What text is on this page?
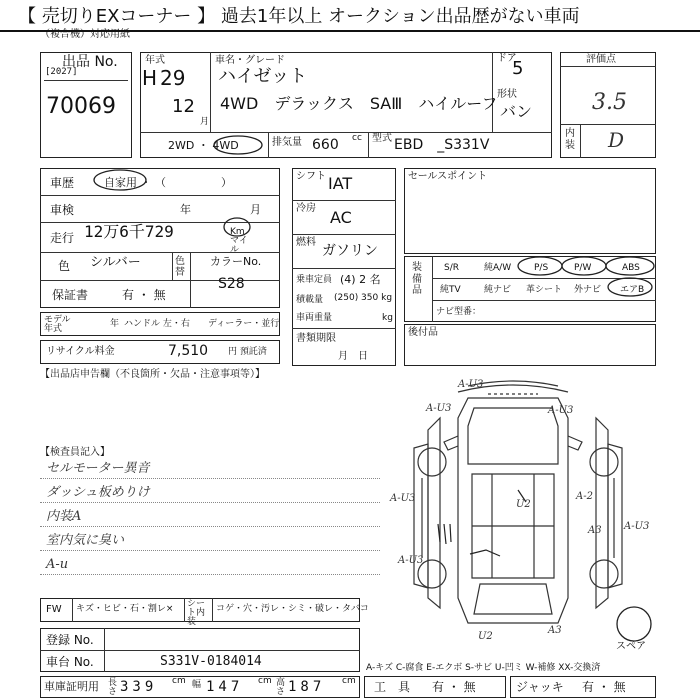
【 売切りEXコーナー 】 過去1年以上 オークション出品歴がない車両
（複合機）対応用紙
出品 No.
[2027]
70069
年式
H 29
12
月
車名・グレード
ハイゼット
4WD　デラックス　SAⅢ　ハイルーフ
ドア
5
形状
バン
2WD ・ 4WD	排気量 660 cc 型式 EBD　_S331V
評価点
3.5
内装 D
車歴	自家用 ・ （　　　　　）
車検	年	月
走行 12万6千729	Km マイル
色 シルバー	色替
カラーNo.
S28
保証書	有 ・ 無
モデル年式	年 ハンドル 左・右 ディーラー・並行
リサイクル料金	7,510 円 預託済
シフト IAT
冷房 AC
燃料
ガソリン
乗車定員 (4) 2 名
積載量 (250) 350 kg
車両重量	kg
書類期限
月　日
セールスポイント
装備品
S/R	純A/W	P/S	P/W	ABS
純TV	純ナビ 革シート 外ナビ エアB
ナビ型番：
後付品
【出品店申告欄（不良箇所・欠品・注意事項等）】
【検査員記入】
セルモーター異音
ダッシュ板めりけ
内装A
室内気に臭い
A-u
FW キズ・ヒビ・石・割レ× シート内装
コゲ・穴・汚レ・シミ・破レ・タバコ
登録 No.
車台 No.	S331V-0184014
車庫証明用 長さ 339 cm 幅 147 cm 高さ 187 cm
A-キズ C-腐食 E-エクボ S-サビ U-凹ミ W-補修 XX-交換済
工　具 有 ・ 無	ジャッキ 有 ・ 無
スペア
A-U3
A-U3	A-U3
A-U3
A-U3
U2
A-2
A3 A-U3
U2
A3
